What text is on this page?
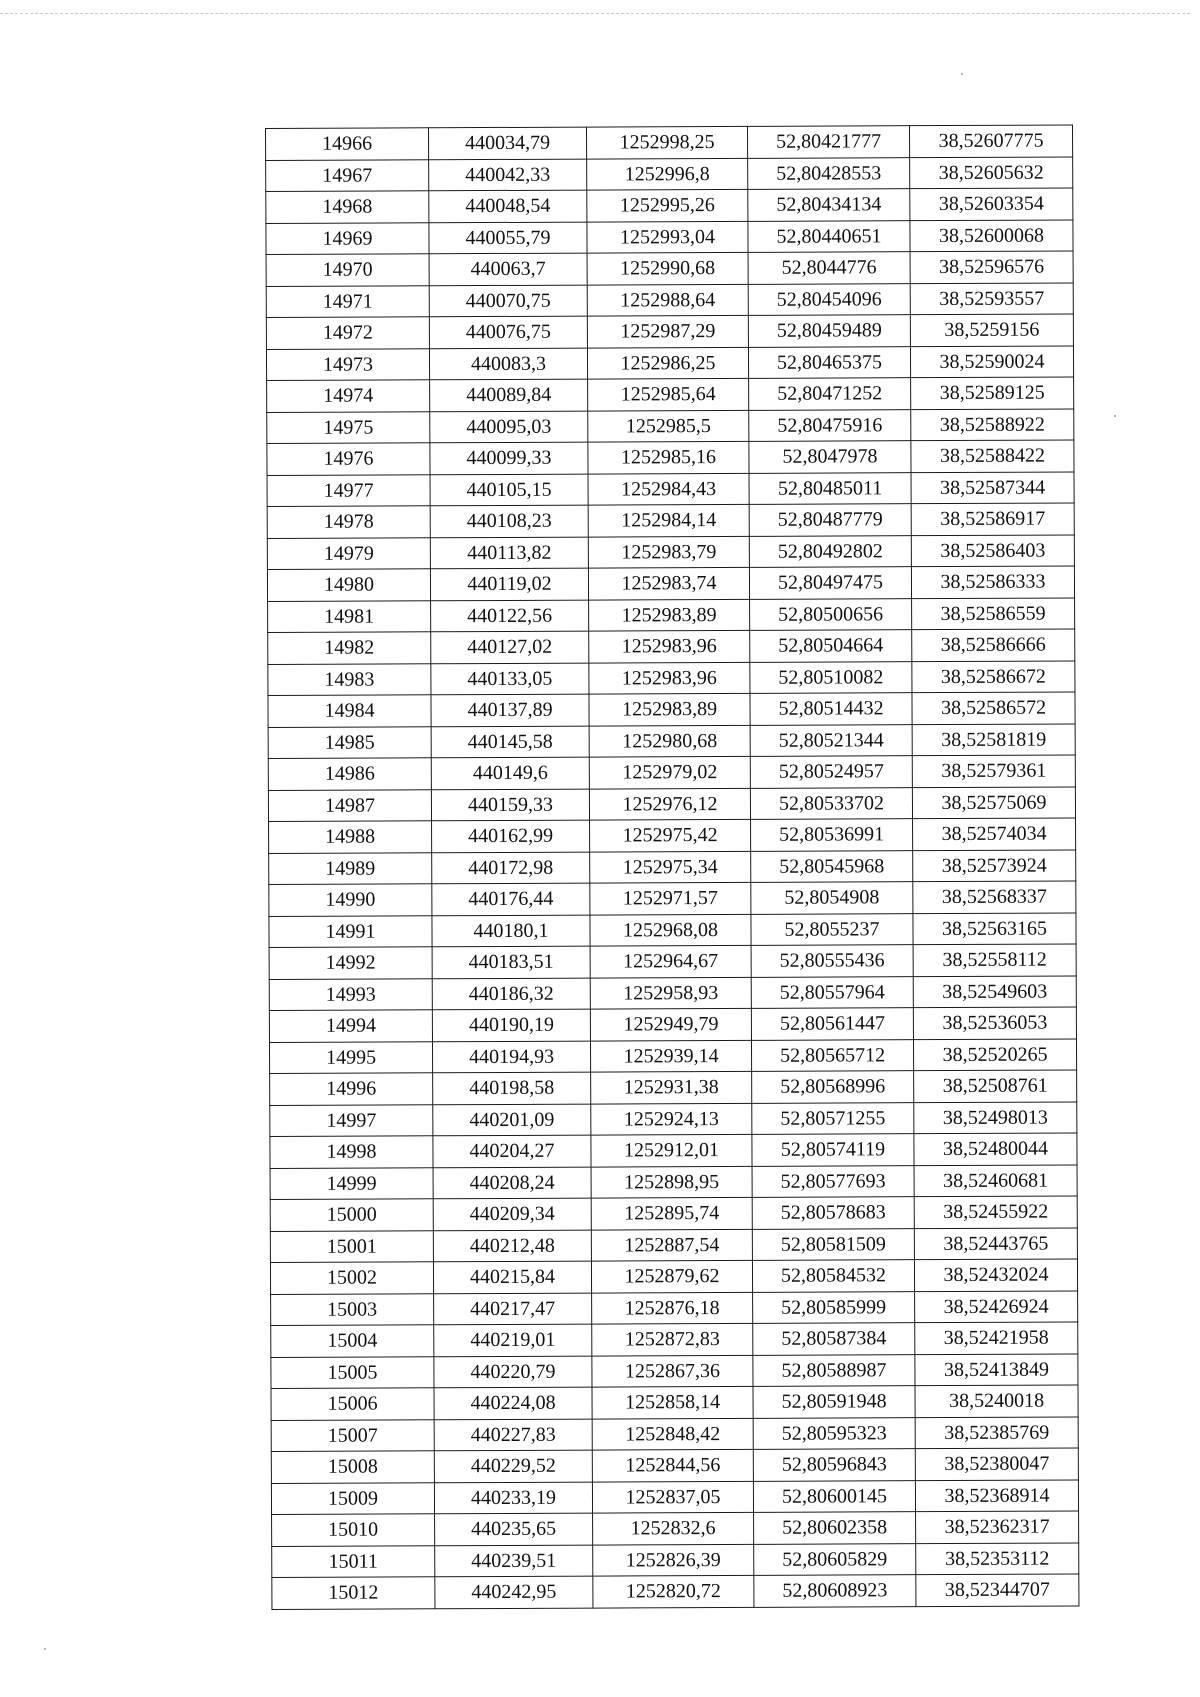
14966	440034,79	1252998,25	52,80421777	38,52607775
14967	440042,33	1252996,8	52,80428553	38,52605632
14968	440048,54	1252995,26	52,80434134	38,52603354
14969	440055,79	1252993,04	52,80440651	38,52600068
14970	440063,7	1252990,68	52,8044776	38,52596576
14971	440070,75	1252988,64	52,80454096	38,52593557
14972	440076,75	1252987,29	52,80459489	38,5259156
14973	440083,3	1252986,25	52,80465375	38,52590024
14974	440089,84	1252985,64	52,80471252	38,52589125
14975	440095,03	1252985,5	52,80475916	38,52588922
14976	440099,33	1252985,16	52,8047978	38,52588422
14977	440105,15	1252984,43	52,80485011	38,52587344
14978	440108,23	1252984,14	52,80487779	38,52586917
14979	440113,82	1252983,79	52,80492802	38,52586403
14980	440119,02	1252983,74	52,80497475	38,52586333
14981	440122,56	1252983,89	52,80500656	38,52586559
14982	440127,02	1252983,96	52,80504664	38,52586666
14983	440133,05	1252983,96	52,80510082	38,52586672
14984	440137,89	1252983,89	52,80514432	38,52586572
14985	440145,58	1252980,68	52,80521344	38,52581819
14986	440149,6	1252979,02	52,80524957	38,52579361
14987	440159,33	1252976,12	52,80533702	38,52575069
14988	440162,99	1252975,42	52,80536991	38,52574034
14989	440172,98	1252975,34	52,80545968	38,52573924
14990	440176,44	1252971,57	52,8054908	38,52568337
14991	440180,1	1252968,08	52,8055237	38,52563165
14992	440183,51	1252964,67	52,80555436	38,52558112
14993	440186,32	1252958,93	52,80557964	38,52549603
14994	440190,19	1252949,79	52,80561447	38,52536053
14995	440194,93	1252939,14	52,80565712	38,52520265
14996	440198,58	1252931,38	52,80568996	38,52508761
14997	440201,09	1252924,13	52,80571255	38,52498013
14998	440204,27	1252912,01	52,80574119	38,52480044
14999	440208,24	1252898,95	52,80577693	38,52460681
15000	440209,34	1252895,74	52,80578683	38,52455922
15001	440212,48	1252887,54	52,80581509	38,52443765
15002	440215,84	1252879,62	52,80584532	38,52432024
15003	440217,47	1252876,18	52,80585999	38,52426924
15004	440219,01	1252872,83	52,80587384	38,52421958
15005	440220,79	1252867,36	52,80588987	38,52413849
15006	440224,08	1252858,14	52,80591948	38,5240018
15007	440227,83	1252848,42	52,80595323	38,52385769
15008	440229,52	1252844,56	52,80596843	38,52380047
15009	440233,19	1252837,05	52,80600145	38,52368914
15010	440235,65	1252832,6	52,80602358	38,52362317
15011	440239,51	1252826,39	52,80605829	38,52353112
15012	440242,95	1252820,72	52,80608923	38,52344707
